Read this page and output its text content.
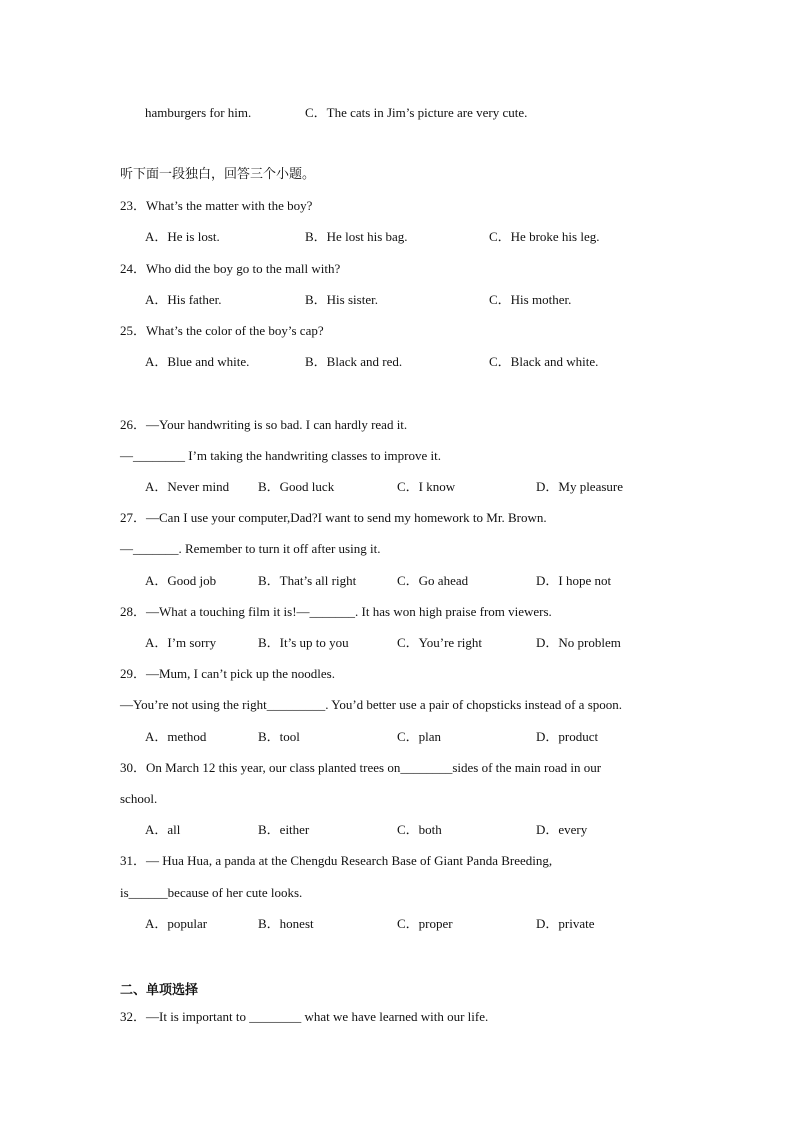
hamburgers for him.	C．The cats in Jim’s picture are very cute.
听下面一段独白，回答三个小题。
23．What’s the matter with the boy?
A．He is lost.	B．He lost his bag.	C．He broke his leg.
24．Who did the boy go to the mall with?
A．His father.	B．His sister.	C．His mother.
25．What’s the color of the boy’s cap?
A．Blue and white.	B．Black and red.	C．Black and white.
26．—Your handwriting is so bad. I can hardly read it.
—________ I’m taking the handwriting classes to improve it.
A．Never mind B．Good luck	C．I know	D．My pleasure
27．—Can I use your computer,Dad?I want to send my homework to Mr. Brown.
—_______. Remember to turn it off after using it.
A．Good job	B．That’s all right	C．Go ahead	D．I hope not
28．—What a touching film it is!—_______. It has won high praise from viewers.
A．I’m sorry	B．It’s up to you	C．You’re right	D．No problem
29．—Mum, I can’t pick up the noodles.
—You’re not using the right_________. You’d better use a pair of chopsticks instead of a spoon.
A．method	B．tool	C．plan	D．product
30．On March 12 this year, our class planted trees on________sides of the main road in our
school.
A．all	B．either	C．both	D．every
31．— Hua Hua, a panda at the Chengdu Research Base of Giant Panda Breeding,
is______because of her cute looks.
A．popular	B．honest	C．proper	D．private
二、单项选择
32．—It is important to ________ what we have learned with our life.
